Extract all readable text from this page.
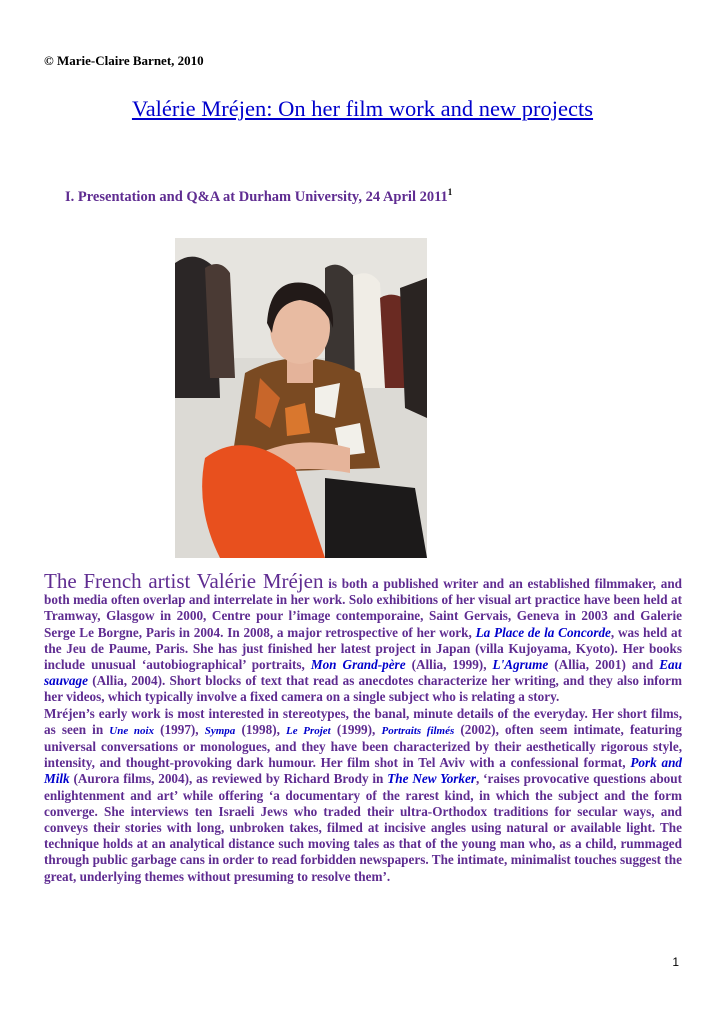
© Marie-Claire Barnet, 2010
Valérie Mréjen: On her film work and new projects
I. Presentation and Q&A at Durham University, 24 April 2011$^1$

The French artist Valérie Mréjen is both a published writer and an established filmmaker, and both media often overlap and interrelate in her work. Solo exhibitions of her visual art practice have been held at Tramway, Glasgow in 2000, Centre pour l’image contemporaine, Saint Gervais, Geneva in 2003 and Galerie Serge Le Borgne, Paris in 2004. In 2008, a major retrospective of her work, La Place de la Concorde, was held at the Jeu de Paume, Paris. She has just finished her latest project in Japan (villa Kujoyama, Kyoto). Her books include unusual ‘autobiographical’ portraits, Mon Grand-père (Allia, 1999), L'Agrume (Allia, 2001) and Eau sauvage (Allia, 2004). Short blocks of text that read as anecdotes characterize her writing, and they also inform her videos, which typically involve a fixed camera on a single subject who is relating a story.

Mréjen’s early work is most interested in stereotypes, the banal, minute details of the everyday. Her short films, as seen in Une noix (1997), Sympa (1998), Le Projet (1999), Portraits filmés (2002), often seem intimate, featuring universal conversations or monologues, and they have been characterized by their aesthetically rigorous style, intensity, and thought-provoking dark humour. Her film shot in Tel Aviv with a confessional format, Pork and Milk (Aurora films, 2004), as reviewed by Richard Brody in The New Yorker, ‘raises provocative questions about enlightenment and art’ while offering ‘a documentary of the rarest kind, in which the subject and the form converge. She interviews ten Israeli Jews who traded their ultra-Orthodox traditions for secular ways, and conveys their stories with long, unbroken takes, filmed at incisive angles using natural or available light. The technique holds at an analytical distance such moving tales as that of the young man who, as a child, rummaged through public garbage cans in order to read forbidden newspapers. The intimate, minimalist touches suggest the great, underlying themes without presuming to resolve them’.

1
